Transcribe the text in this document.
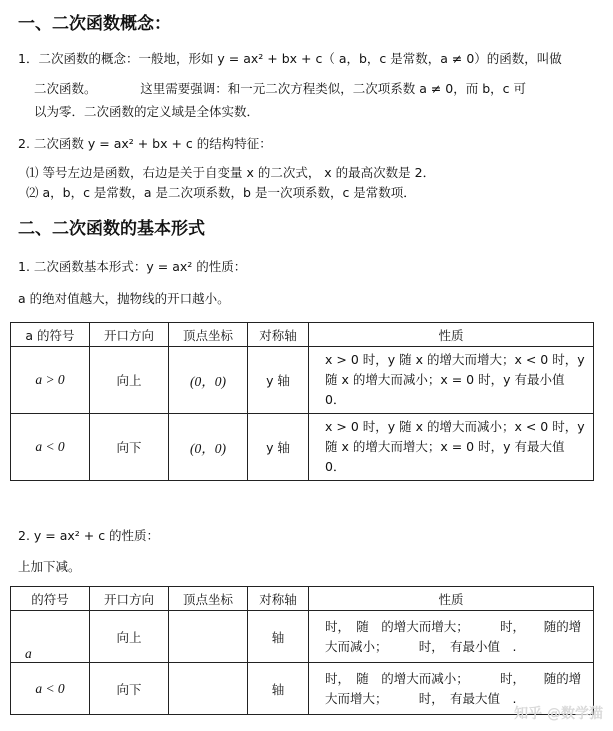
一、二次函数概念：
1．二次函数的概念：一般地，形如 y = ax² + bx + c（ a，b，c 是常数，a ≠ 0）的函数，叫做
二次函数。　　　　这里需要强调：和一元二次方程类似，二次项系数 a ≠ 0，而 b，c 可
以为零．二次函数的定义域是全体实数．
2. 二次函数 y = ax² + bx + c 的结构特征：
⑴ 等号左边是函数，右边是关于自变量 x 的二次式， x 的最高次数是 2．
⑵ a，b，c 是常数，a 是二次项系数，b 是一次项系数，c 是常数项．
二、二次函数的基本形式
1. 二次函数基本形式：y = ax² 的性质：
a 的绝对值越大，抛物线的开口越小。
a 的符号	开口方向	顶点坐标	对称轴	性质
a > 0	向上	(0，0)	y 轴	x > 0 时，y 随 x 的增大而增大；x < 0 时，y 随 x 的增大而减小；x = 0 时，y 有最小值 0．
a < 0	向下	(0，0)	y 轴	x > 0 时，y 随 x 的增大而减小；x < 0 时，y 随 x 的增大而增大；x = 0 时，y 有最大值 0．
2. y = ax² + c 的性质：
上加下减。
的符号	开口方向	顶点坐标	对称轴	性质
a	向上		轴	时，　随　的增大而增大；　　　时，　　随的增大而减小；　　　时，　有最小值　.
a < 0	向下		轴	时，　随　的增大而减小；　　　时，　　随的增大而增大；　　　时，　有最大值　.
知乎 @数学猫
